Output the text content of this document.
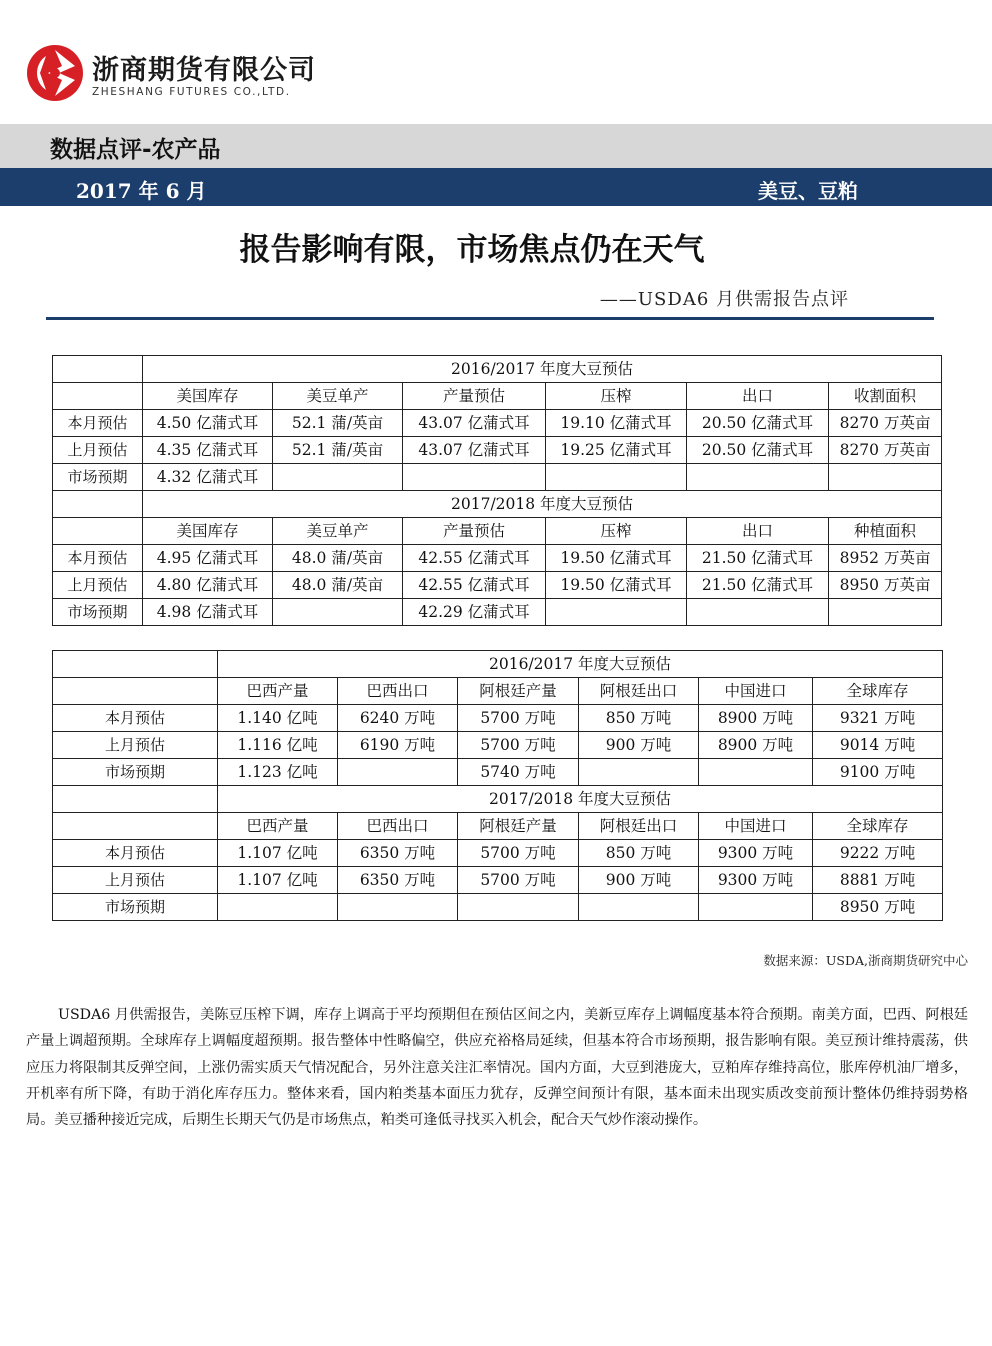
浙商期货有限公司
ZHESHANG FUTURES CO.,LTD.
数据点评-农产品
2017 年 6 月	美豆、豆粕
报告影响有限，市场焦点仍在天气
——USDA6 月供需报告点评
	2016/2017 年度大豆预估					
	美国库存	美豆单产	产量预估	压榨	出口	收割面积
本月预估	4.50 亿蒲式耳	52.1 蒲/英亩	43.07 亿蒲式耳	19.10 亿蒲式耳	20.50 亿蒲式耳	8270 万英亩
上月预估	4.35 亿蒲式耳	52.1 蒲/英亩	43.07 亿蒲式耳	19.25 亿蒲式耳	20.50 亿蒲式耳	8270 万英亩
市场预期	4.32 亿蒲式耳					
	2017/2018 年度大豆预估					
	美国库存	美豆单产	产量预估	压榨	出口	种植面积
本月预估	4.95 亿蒲式耳	48.0 蒲/英亩	42.55 亿蒲式耳	19.50 亿蒲式耳	21.50 亿蒲式耳	8952 万英亩
上月预估	4.80 亿蒲式耳	48.0 蒲/英亩	42.55 亿蒲式耳	19.50 亿蒲式耳	21.50 亿蒲式耳	8950 万英亩
市场预期	4.98 亿蒲式耳		42.29 亿蒲式耳			
	2016/2017 年度大豆预估					
	巴西产量	巴西出口	阿根廷产量	阿根廷出口	中国进口	全球库存
本月预估	1.140 亿吨	6240 万吨	5700 万吨	850 万吨	8900 万吨	9321 万吨
上月预估	1.116 亿吨	6190 万吨	5700 万吨	900 万吨	8900 万吨	9014 万吨
市场预期	1.123 亿吨		5740 万吨			9100 万吨
	2017/2018 年度大豆预估					
	巴西产量	巴西出口	阿根廷产量	阿根廷出口	中国进口	全球库存
本月预估	1.107 亿吨	6350 万吨	5700 万吨	850 万吨	9300 万吨	9222 万吨
上月预估	1.107 亿吨	6350 万吨	5700 万吨	900 万吨	9300 万吨	8881 万吨
市场预期						8950 万吨
数据来源：USDA,浙商期货研究中心

USDA6 月供需报告，美陈豆压榨下调，库存上调高于平均预期但在预估区间之内，美新豆库存上调幅度基本符合预期。南美方面，巴西、阿根廷产量上调超预期。全球库存上调幅度超预期。报告整体中性略偏空，供应充裕格局延续，但基本符合市场预期，报告影响有限。美豆预计维持震荡，供应压力将限制其反弹空间，上涨仍需实质天气情况配合，另外注意关注汇率情况。国内方面，大豆到港庞大，豆粕库存维持高位，胀库停机油厂增多，开机率有所下降，有助于消化库存压力。整体来看，国内粕类基本面压力犹存，反弹空间预计有限，基本面未出现实质改变前预计整体仍维持弱势格局。美豆播种接近完成，后期生长期天气仍是市场焦点，粕类可逢低寻找买入机会，配合天气炒作滚动操作。
